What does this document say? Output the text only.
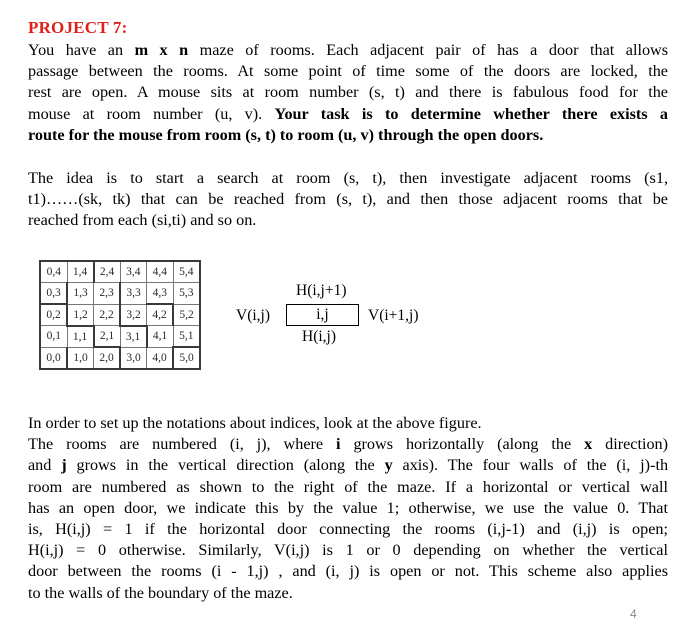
PROJECT 7:
You have an m x n maze of rooms. Each adjacent pair of has a door that allows
passage between the rooms. At some point of time some of the doors are locked, the
rest are open. A mouse sits at room number (s, t) and there is fabulous food for the
mouse at room number (u, v). Your task is to determine whether there exists a
route for the mouse from room (s, t) to room (u, v) through the open doors.
The idea is to start a search at room (s, t), then investigate adjacent rooms (s1,
t1)……(sk, tk) that can be reached from (s, t), and then those adjacent rooms that be
reached from each (si,ti) and so on.
0,4	1,4	2,4	3,4	4,4	5,4
0,3	1,3	2,3	3,3	4,3	5,3
0,2	1,2	2,2	3,2	4,2	5,2
0,1	1,1	2,1	3,1	4,1	5,1
0,0	1,0	2,0	3,0	4,0	5,0
H(i,j+1)
V(i,j)	i,j	V(i+1,j)
H(i,j)
In order to set up the notations about indices, look at the above figure.
The rooms are numbered (i, j), where i grows horizontally (along the x direction)
and j grows in the vertical direction (along the y axis). The four walls of the (i, j)-th
room are numbered as shown to the right of the maze. If a horizontal or vertical wall
has an open door, we indicate this by the value 1; otherwise, we use the value 0. That
is, H(i,j) = 1 if the horizontal door connecting the rooms (i,j-1) and (i,j) is open;
H(i,j) = 0 otherwise. Similarly, V(i,j) is 1 or 0 depending on whether the vertical
door between the rooms (i - 1,j) , and (i, j) is open or not. This scheme also applies
to the walls of the boundary of the maze.
4
